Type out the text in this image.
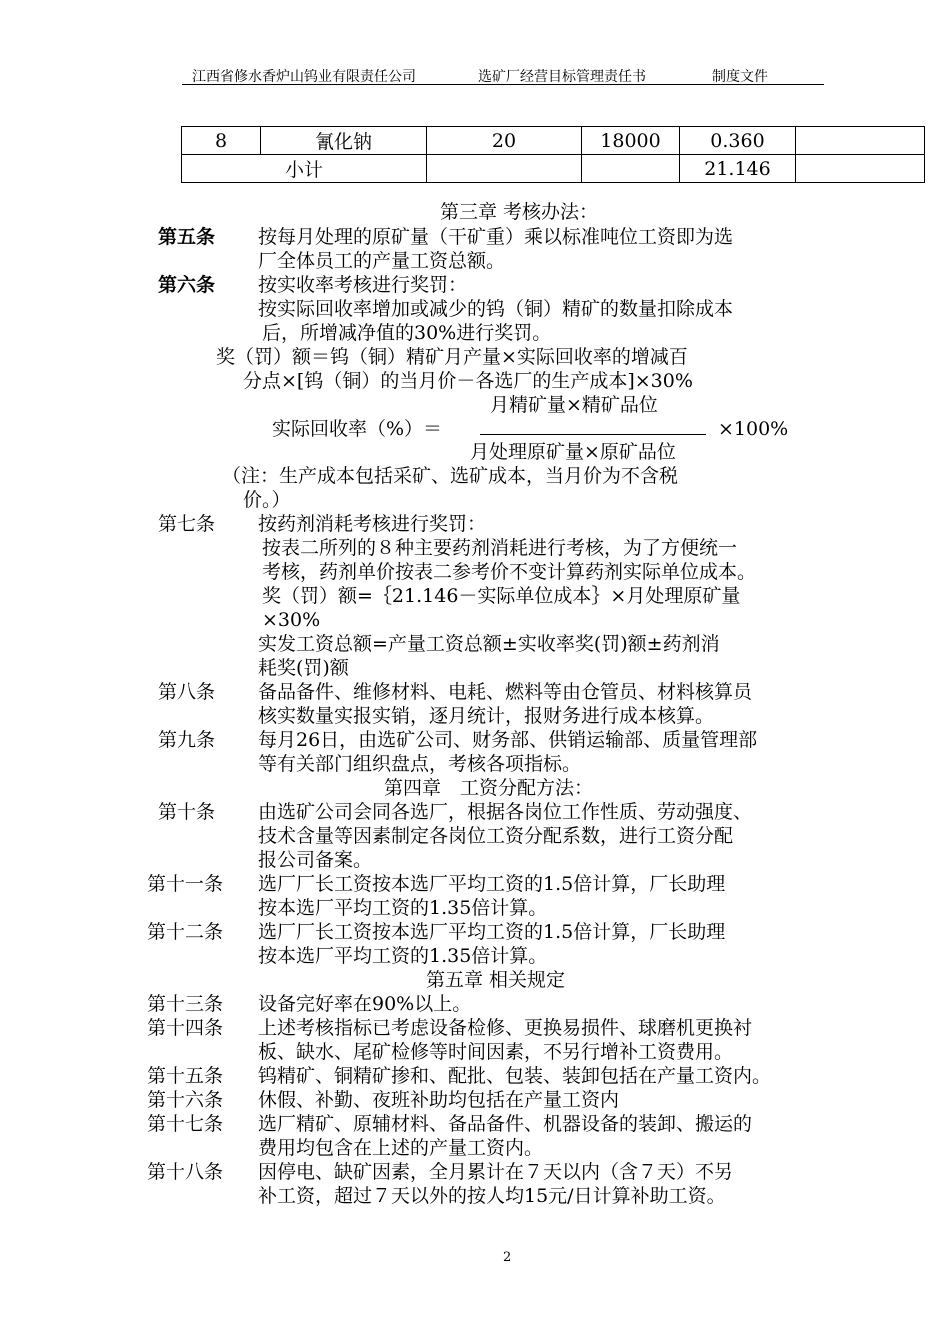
江西省修水香炉山钨业有限责任公司	选矿厂经营目标管理责任书	制度文件
8	氰化钠	20	18000	0.360	
小计				21.146	
第三章 考核办法：
第五条 按每月处理的原矿量（干矿重）乘以标准吨位工资即为选
厂全体员工的产量工资总额。
第六条 按实收率考核进行奖罚：
按实际回收率增加或减少的钨（铜）精矿的数量扣除成本
后，所增减净值的30%进行奖罚。
奖（罚）额＝钨（铜）精矿月产量×实际回收率的增减百
分点×[钨（铜）的当月价－各选厂的生产成本]×30%
月精矿量×精矿品位
实际回收率（%）＝	×100%
月处理原矿量×原矿品位
（注：生产成本包括采矿、选矿成本，当月价为不含税
价。）
第七条 按药剂消耗考核进行奖罚：
按表二所列的８种主要药剂消耗进行考核，为了方便统一
考核，药剂单价按表二参考价不变计算药剂实际单位成本。
奖（罚）额=｛21.146－实际单位成本｝×月处理原矿量
×30%
实发工资总额=产量工资总额±实收率奖(罚)额±药剂消
耗奖(罚)额
第八条 备品备件、维修材料、电耗、燃料等由仓管员、材料核算员
核实数量实报实销，逐月统计，报财务进行成本核算。
第九条 每月26日，由选矿公司、财务部、供销运输部、质量管理部
等有关部门组织盘点，考核各项指标。
第四章　工资分配方法：
第十条 由选矿公司会同各选厂，根据各岗位工作性质、劳动强度、
技术含量等因素制定各岗位工资分配系数，进行工资分配
报公司备案。
第十一条 选厂厂长工资按本选厂平均工资的1.5倍计算，厂长助理
按本选厂平均工资的1.35倍计算。
第十二条 选厂厂长工资按本选厂平均工资的1.5倍计算，厂长助理
按本选厂平均工资的1.35倍计算。
第五章 相关规定
第十三条 设备完好率在90%以上。
第十四条 上述考核指标已考虑设备检修、更换易损件、球磨机更换衬
板、缺水、尾矿检修等时间因素，不另行增补工资费用。
第十五条 钨精矿、铜精矿掺和、配批、包装、装卸包括在产量工资内。
第十六条 休假、补勤、夜班补助均包括在产量工资内
第十七条 选厂精矿、原辅材料、备品备件、机器设备的装卸、搬运的
费用均包含在上述的产量工资内。
第十八条 因停电、缺矿因素，全月累计在７天以内（含７天）不另
补工资，超过７天以外的按人均15元/日计算补助工资。
2
